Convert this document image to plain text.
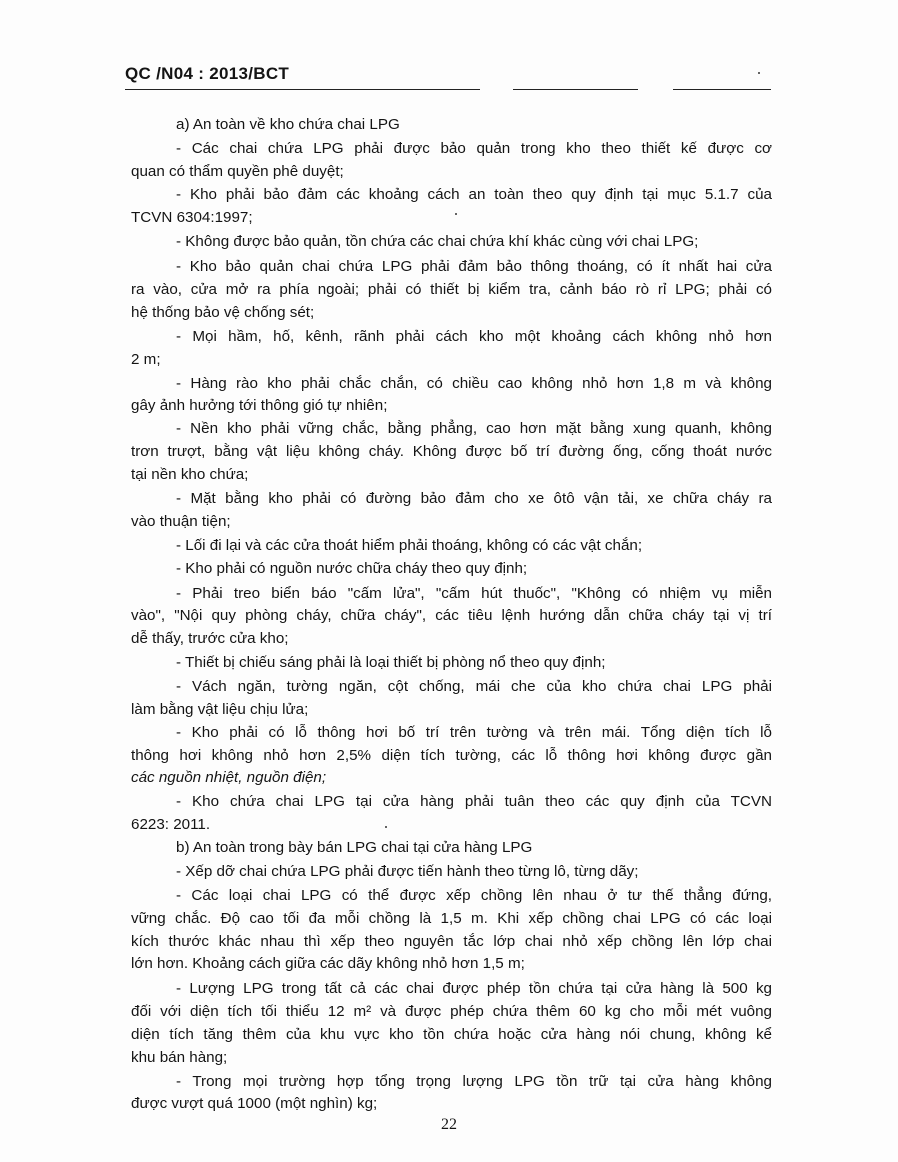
QC /N04 : 2013/BCT
a) An toàn về kho chứa chai LPG
- Các chai chứa LPG phải được bảo quản trong kho theo thiết kế được cơ
quan có thẩm quyền phê duyệt;
- Kho phải bảo đảm các khoảng cách an toàn theo quy định tại mục 5.1.7 của
TCVN 6304:1997;
- Không được bảo quản, tồn chứa các chai chứa khí khác cùng với chai LPG;
- Kho bảo quản chai chứa LPG phải đảm bảo thông thoáng, có ít nhất hai cửa
ra vào, cửa mở ra phía ngoài; phải có thiết bị kiểm tra, cảnh báo rò rỉ LPG; phải có
hệ thống bảo vệ chống sét;
- Mọi hầm, hố, kênh, rãnh phải cách kho một khoảng cách không nhỏ hơn
2 m;
- Hàng rào kho phải chắc chắn, có chiều cao không nhỏ hơn 1,8 m và không
gây ảnh hưởng tới thông gió tự nhiên;
- Nền kho phải vững chắc, bằng phẳng, cao hơn mặt bằng xung quanh, không
trơn trượt, bằng vật liệu không cháy. Không được bố trí đường ống, cống thoát nước
tại nền kho chứa;
- Mặt bằng kho phải có đường bảo đảm cho xe ôtô vận tải, xe chữa cháy ra
vào thuận tiện;
- Lối đi lại và các cửa thoát hiểm phải thoáng, không có các vật chắn;
- Kho phải có nguồn nước chữa cháy theo quy định;
- Phải treo biển báo "cấm lửa", "cấm hút thuốc", "Không có nhiệm vụ miễn
vào", "Nội quy phòng cháy, chữa cháy", các tiêu lệnh hướng dẫn chữa cháy tại vị trí
dễ thấy, trước cửa kho;
- Thiết bị chiếu sáng phải là loại thiết bị phòng nổ theo quy định;
- Vách ngăn, tường ngăn, cột chống, mái che của kho chứa chai LPG phải
làm bằng vật liệu chịu lửa;
- Kho phải có lỗ thông hơi bố trí trên tường và trên mái. Tổng diện tích lỗ
thông hơi không nhỏ hơn 2,5% diện tích tường, các lỗ thông hơi không được gần
các nguồn nhiệt, nguồn điện;
- Kho chứa chai LPG tại cửa hàng phải tuân theo các quy định của TCVN
6223: 2011.
b) An toàn trong bày bán LPG chai tại cửa hàng LPG
- Xếp dỡ chai chứa LPG phải được tiến hành theo từng lô, từng dãy;
- Các loại chai LPG có thể được xếp chồng lên nhau ở tư thế thẳng đứng,
vững chắc. Độ cao tối đa mỗi chồng là 1,5 m. Khi xếp chồng chai LPG có các loại
kích thước khác nhau thì xếp theo nguyên tắc lớp chai nhỏ xếp chồng lên lớp chai
lớn hơn. Khoảng cách giữa các dãy không nhỏ hơn 1,5 m;
- Lượng LPG trong tất cả các chai được phép tồn chứa tại cửa hàng là 500 kg
đối với diện tích tối thiểu 12 m² và được phép chứa thêm 60 kg cho mỗi mét vuông
diện tích tăng thêm của khu vực kho tồn chứa hoặc cửa hàng nói chung, không kể
khu bán hàng;
- Trong mọi trường hợp tổng trọng lượng LPG tồn trữ tại cửa hàng không
được vượt quá 1000 (một nghìn) kg;
22
